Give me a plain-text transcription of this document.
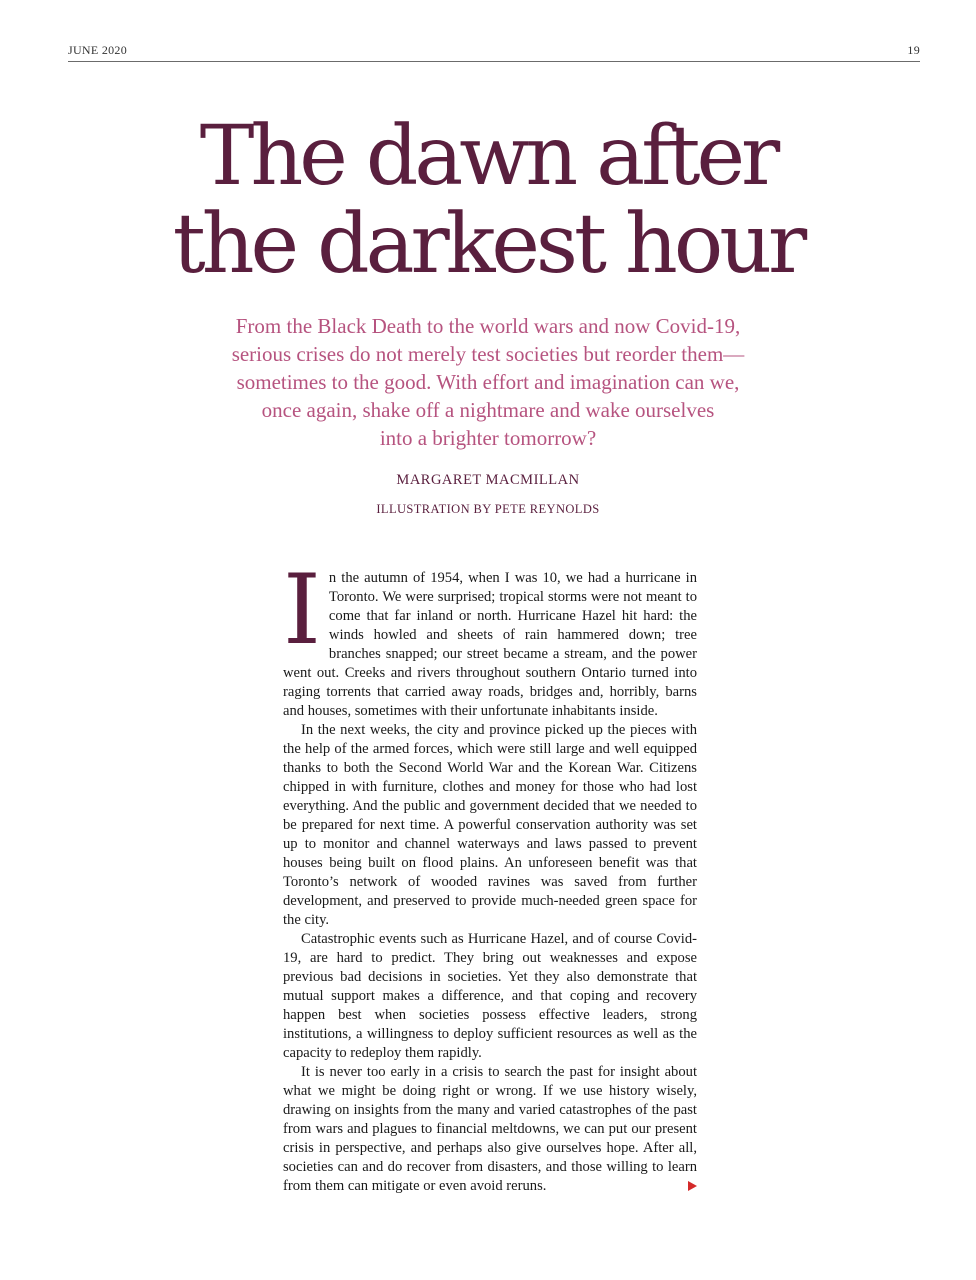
JUNE 2020	19
The dawn after
the darkest hour

From the Black Death to the world wars and now Covid-19,
serious crises do not merely test societies but reorder them—
sometimes to the good. With effort and imagination can we,
once again, shake off a nightmare and wake ourselves
into a brighter tomorrow?

MARGARET MACMILLAN
ILLUSTRATION BY PETE REYNOLDS

In the autumn of 1954, when I was 10, we had a hurricane in Toronto. We were surprised; tropical storms were not meant to come that far inland or north. Hurricane Hazel hit hard: the winds howled and sheets of rain hammered down; tree branches snapped; our street became a stream, and the power went out. Creeks and rivers throughout southern Ontario turned into raging torrents that carried away roads, bridges and, horribly, barns and houses, sometimes with their unfortunate inhabitants inside.

In the next weeks, the city and province picked up the pieces with the help of the armed forces, which were still large and well equipped thanks to both the Second World War and the Korean War. Citizens chipped in with furniture, clothes and money for those who had lost everything. And the public and government decided that we needed to be prepared for next time. A powerful conservation authority was set up to monitor and channel waterways and laws passed to prevent houses being built on flood plains. An unforeseen benefit was that Toronto’s network of wooded ravines was saved from further development, and preserved to provide much-needed green space for the city.

Catastrophic events such as Hurricane Hazel, and of course Covid-19, are hard to predict. They bring out weaknesses and expose previous bad decisions in societies. Yet they also demonstrate that mutual support makes a difference, and that coping and recovery happen best when societies possess effective leaders, strong institutions, a willingness to deploy sufficient resources as well as the capacity to redeploy them rapidly.

It is never too early in a crisis to search the past for insight about what we might be doing right or wrong. If we use history wisely, drawing on insights from the many and varied catastrophes of the past from wars and plagues to financial meltdowns, we can put our present crisis in perspective, and perhaps also give ourselves hope. After all, societies can and do recover from disasters, and those willing to learn from them can mitigate or even avoid reruns.
